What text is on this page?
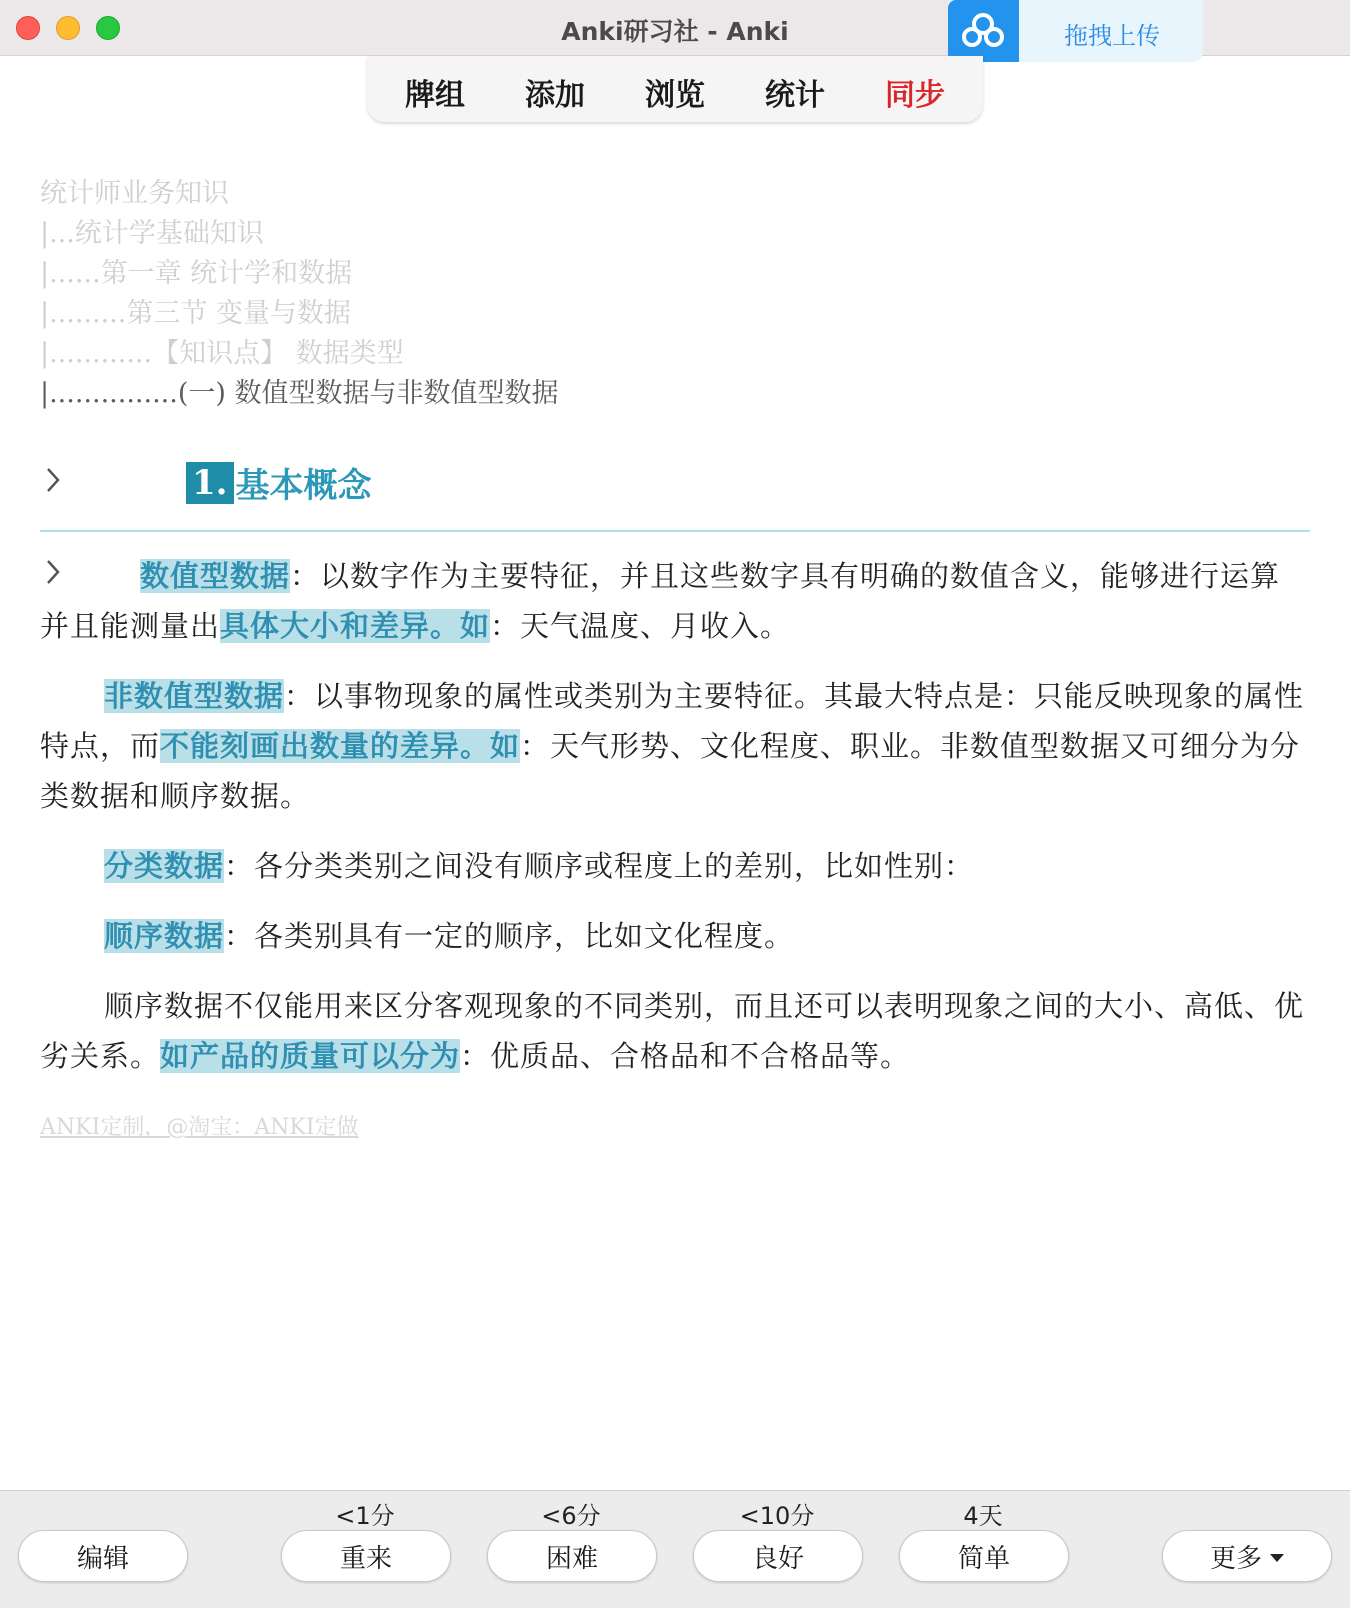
Anki研习社 - Anki	拖拽上传
牌组 添加 浏览 统计 同步
统计师业务知识
|...统计学基础知识
|......第一章 统计学和数据
|.........第三节 变量与数据
|............【知识点】 数据类型
|...............(一) 数值型数据与非数值型数据
1. 基本概念
数值型数据：以数字作为主要特征，并且这些数字具有明确的数值含义，能够进行运算并且能测量出具体大小和差异。如：天气温度、月收入。
非数值型数据：以事物现象的属性或类别为主要特征。其最大特点是：只能反映现象的属性特点，而不能刻画出数量的差异。如：天气形势、文化程度、职业。非数值型数据又可细分为分类数据和顺序数据。
分类数据：各分类类别之间没有顺序或程度上的差别，比如性别：
顺序数据：各类别具有一定的顺序，比如文化程度。
顺序数据不仅能用来区分客观现象的不同类别，而且还可以表明现象之间的大小、高低、优劣关系。如产品的质量可以分为：优质品、合格品和不合格品等。
ANKI定制，@淘宝：ANKI定做
<1分	<6分	<10分	4天
编辑	重来	困难	良好	简单	更多
